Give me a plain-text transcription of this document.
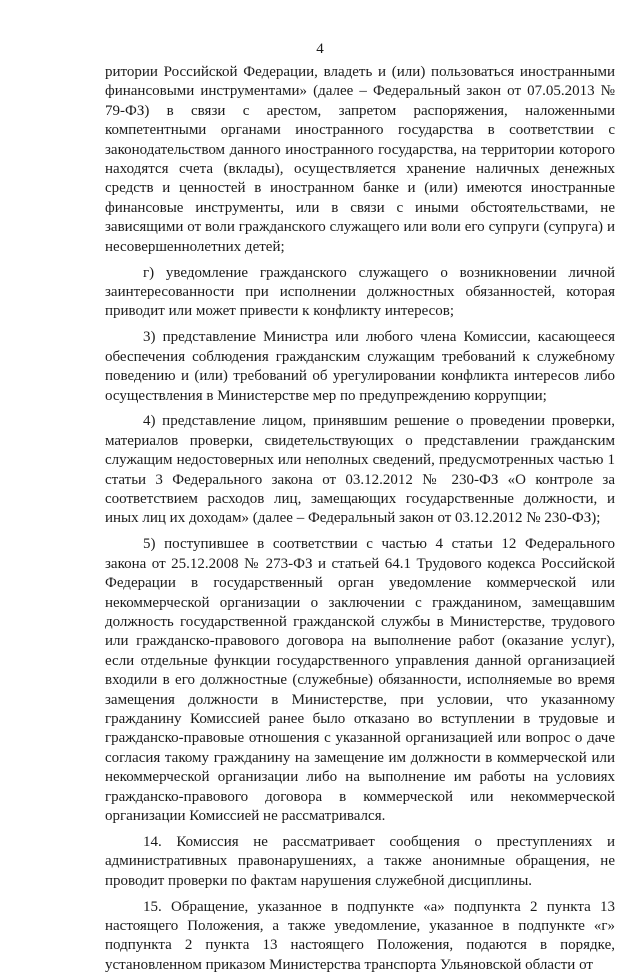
4

ритории Российской Федерации, владеть и (или) пользоваться иностранными финансовыми инструментами» (далее – Федеральный закон от 07.05.2013 № 79-ФЗ) в связи с арестом, запретом распоряжения, наложенными компетентными органами иностранного государства в соответствии с законодательством данного иностранного государства, на территории которого находятся счета (вклады), осуществляется хранение наличных денежных средств и ценностей в иностранном банке и (или) имеются иностранные финансовые инструменты, или в связи с иными обстоятельствами, не зависящими от воли гражданского служащего или воли его супруги (супруга) и несовершеннолетних детей;

г) уведомление гражданского служащего о возникновении личной заинтересованности при исполнении должностных обязанностей, которая приводит или может привести к конфликту интересов;

3) представление Министра или любого члена Комиссии, касающееся обеспечения соблюдения гражданским служащим требований к служебному поведению и (или) требований об урегулировании конфликта интересов либо осуществления в Министерстве мер по предупреждению коррупции;

4) представление лицом, принявшим решение о проведении проверки, материалов проверки, свидетельствующих о представлении гражданским служащим недостоверных или неполных сведений, предусмотренных частью 1 статьи 3 Федерального закона от 03.12.2012 № 230-ФЗ «О контроле за соответствием расходов лиц, замещающих государственные должности, и иных лиц их доходам» (далее – Федеральный закон от 03.12.2012 № 230-ФЗ);

5) поступившее в соответствии с частью 4 статьи 12 Федерального закона от 25.12.2008 № 273-ФЗ и статьей 64.1 Трудового кодекса Российской Федерации в государственный орган уведомление коммерческой или некоммерческой организации о заключении с гражданином, замещавшим должность государственной гражданской службы в Министерстве, трудового или гражданско-правового договора на выполнение работ (оказание услуг), если отдельные функции государственного управления данной организацией входили в его должностные (служебные) обязанности, исполняемые во время замещения должности в Министерстве, при условии, что указанному гражданину Комиссией ранее было отказано во вступлении в трудовые и гражданско-правовые отношения с указанной организацией или вопрос о даче согласия такому гражданину на замещение им должности в коммерческой или некоммерческой организации либо на выполнение им работы на условиях гражданско-правового договора в коммерческой или некоммерческой организации Комиссией не рассматривался.

14. Комиссия не рассматривает сообщения о преступлениях и административных правонарушениях, а также анонимные обращения, не проводит проверки по фактам нарушения служебной дисциплины.

15. Обращение, указанное в подпункте «а» подпункта 2 пункта 13 настоящего Положения, а также уведомление, указанное в подпункте «г» подпункта 2 пункта 13 настоящего Положения, подаются в порядке, установленном приказом Министерства транспорта Ульяновской области от
